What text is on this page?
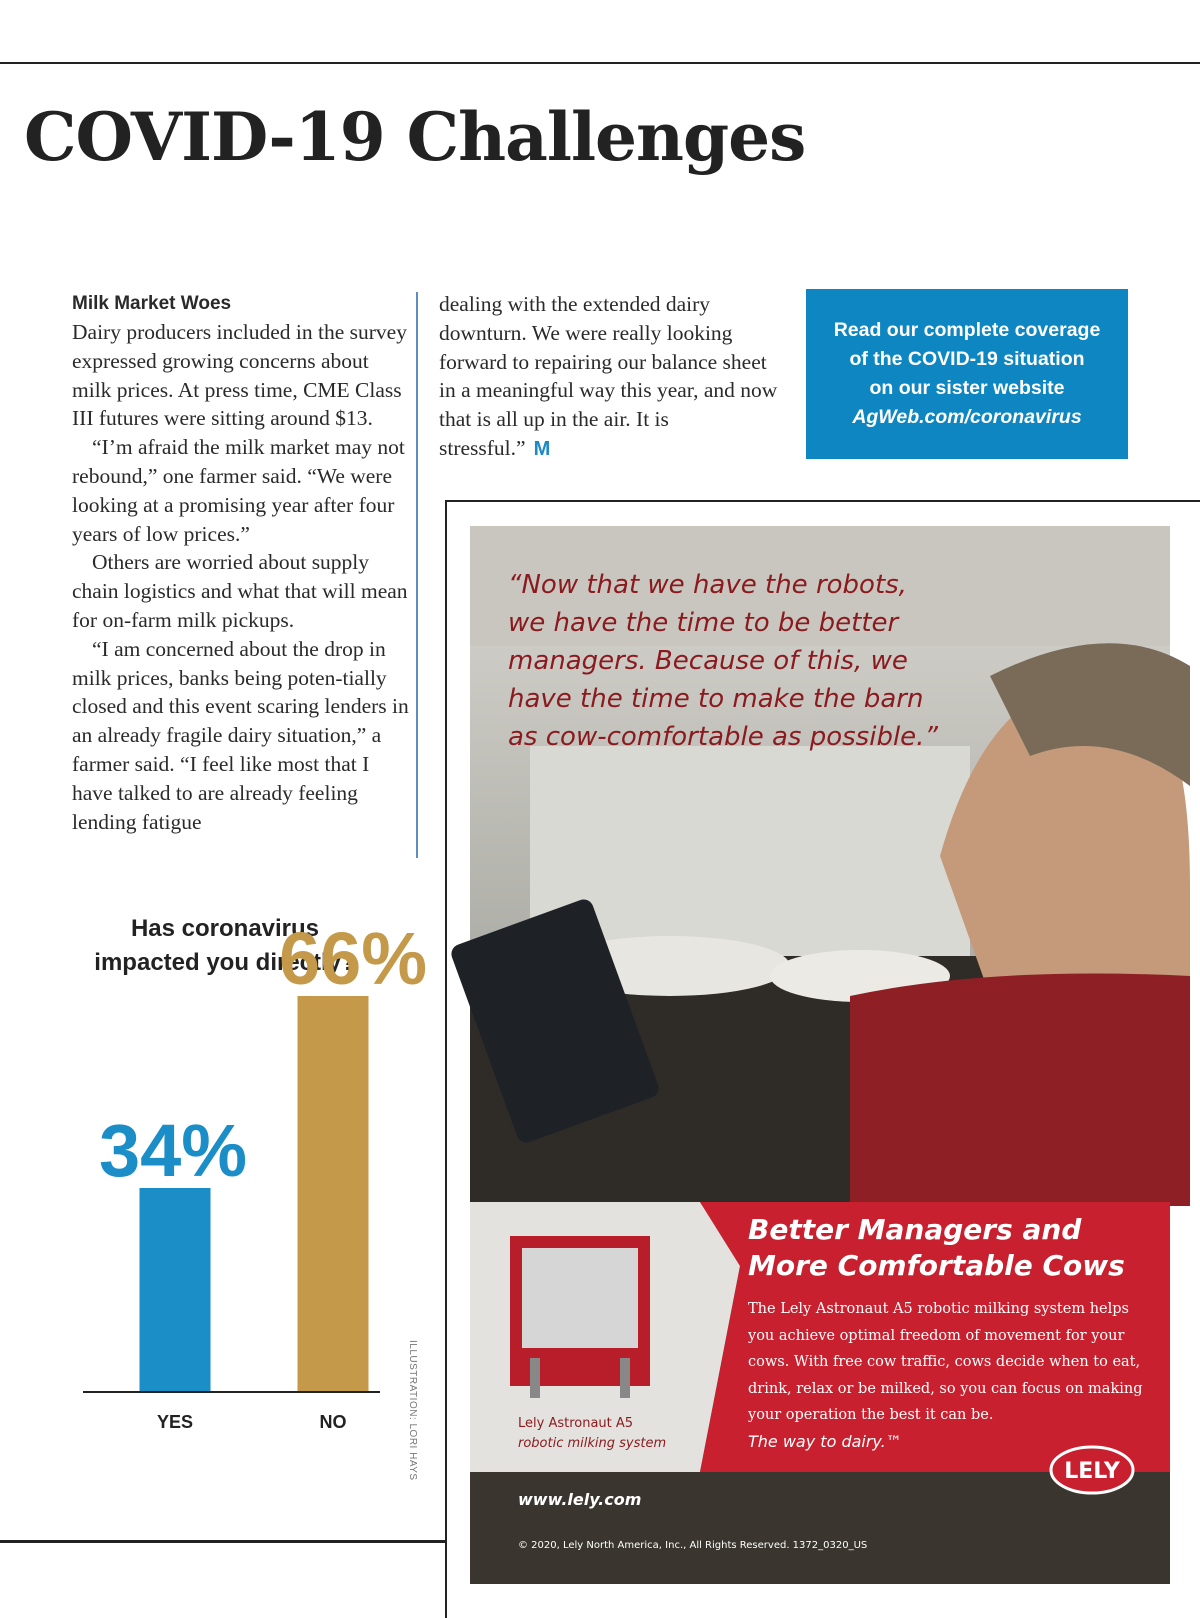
COVID-19 Challenges

Milk Market Woes

Dairy producers included in the survey expressed growing concerns about milk prices. At press time, CME Class III futures were sitting around $13.

“I’m afraid the milk market may not rebound,” one farmer said. “We were looking at a promising year after four years of low prices.”

Others are worried about supply chain logistics and what that will mean for on-farm milk pickups.

“I am concerned about the drop in milk prices, banks being poten-tially closed and this event scaring lenders in an already fragile dairy situation,” a farmer said. “I feel like most that I have talked to are already feeling lending fatigue

dealing with the extended dairy downturn. We were really looking forward to repairing our balance sheet in a meaningful way this year, and now that is all up in the air. It is stressful.” M

Read our complete coverage
of the COVID-19 situation
on our sister website
AgWeb.com/coronavirus
Has coronavirus
impacted you directly?
34%
66%
YES	NO	ILLUSTRATION: LORI HAYS
“Now that we have the robots, we have the time to be better managers. Because of this, we have the time to make the barn as cow-comfortable as possible.”
Better Managers and
More Comfortable Cows
The Lely Astronaut A5 robotic milking system helps you achieve optimal freedom of movement for your cows. With free cow traffic, cows decide when to eat, drink, relax or be milked, so you can focus on making your operation the best it can be.
The way to dairy.™
Lely Astronaut A5
robotic milking system
www.lely.com
© 2020, Lely North America, Inc., All Rights Reserved. 1372_0320_US
LELY
